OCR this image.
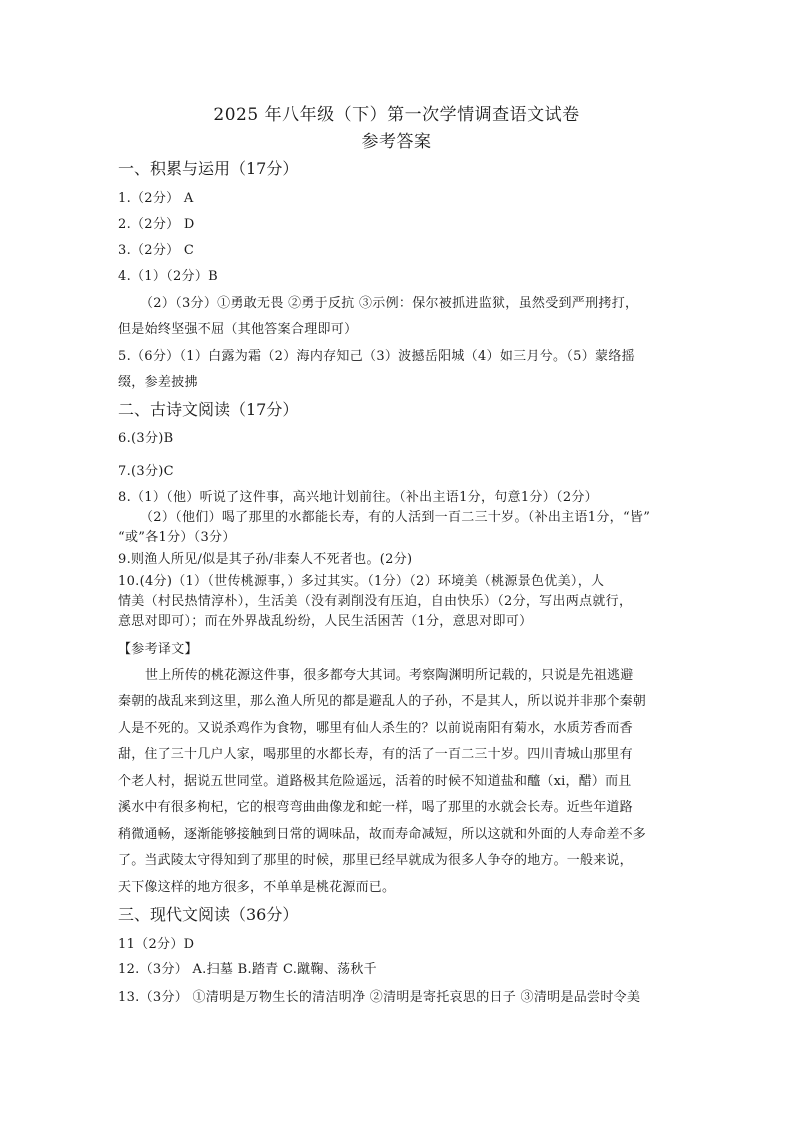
2025 年八年级（下）第一次学情调查语文试卷
参考答案
一、积累与运用（17分）
1.（2分） A
2.（2分） D
3.（2分） C
4.（1）（2分）B
（2）（3分）①勇敢无畏 ②勇于反抗 ③示例：保尔被抓进监狱，虽然受到严刑拷打，
但是始终坚强不屈（其他答案合理即可）
5.（6分）（1）白露为霜（2）海内存知己（3）波撼岳阳城（4）如三月兮。（5）蒙络摇
缀，参差披拂
二、古诗文阅读（17分）
6.(3分)B
7.(3分)C
8.（1）（他）听说了这件事，高兴地计划前往。（补出主语1分，句意1分）（2分）
（2）（他们）喝了那里的水都能长寿，有的人活到一百二三十岁。（补出主语1分，“皆”
“或”各1分）（3分）
9.则渔人所见/似是其子孙/非秦人不死者也。(2分)
10.(4分)（1）（世传桃源事，）多过其实。（1分）（2）环境美（桃源景色优美），人
情美（村民热情淳朴），生活美（没有剥削没有压迫，自由快乐）（2分，写出两点就行，
意思对即可）；而在外界战乱纷纷，人民生活困苦（1分，意思对即可）
【参考译文】
世上所传的桃花源这件事，很多都夸大其词。考察陶渊明所记载的，只说是先祖逃避
秦朝的战乱来到这里，那么渔人所见的都是避乱人的子孙，不是其人，所以说并非那个秦朝
人是不死的。又说杀鸡作为食物，哪里有仙人杀生的？以前说南阳有菊水，水质芳香而香
甜，住了三十几户人家，喝那里的水都长寿，有的活了一百二三十岁。四川青城山那里有
个老人村，据说五世同堂。道路极其危险遥远，活着的时候不知道盐和醯（xi，醋）而且
溪水中有很多枸杞，它的根弯弯曲曲像龙和蛇一样，喝了那里的水就会长寿。近些年道路
稍微通畅，逐渐能够接触到日常的调味品，故而寿命减短，所以这就和外面的人寿命差不多
了。当武陵太守得知到了那里的时候，那里已经早就成为很多人争夺的地方。一般来说，
天下像这样的地方很多，不单单是桃花源而已。
三、现代文阅读（36分）
11（2分）D
12.（3分） A.扫墓 B.踏青 C.蹴鞠、荡秋千
13.（3分） ①清明是万物生长的清洁明净 ②清明是寄托哀思的日子 ③清明是品尝时令美
